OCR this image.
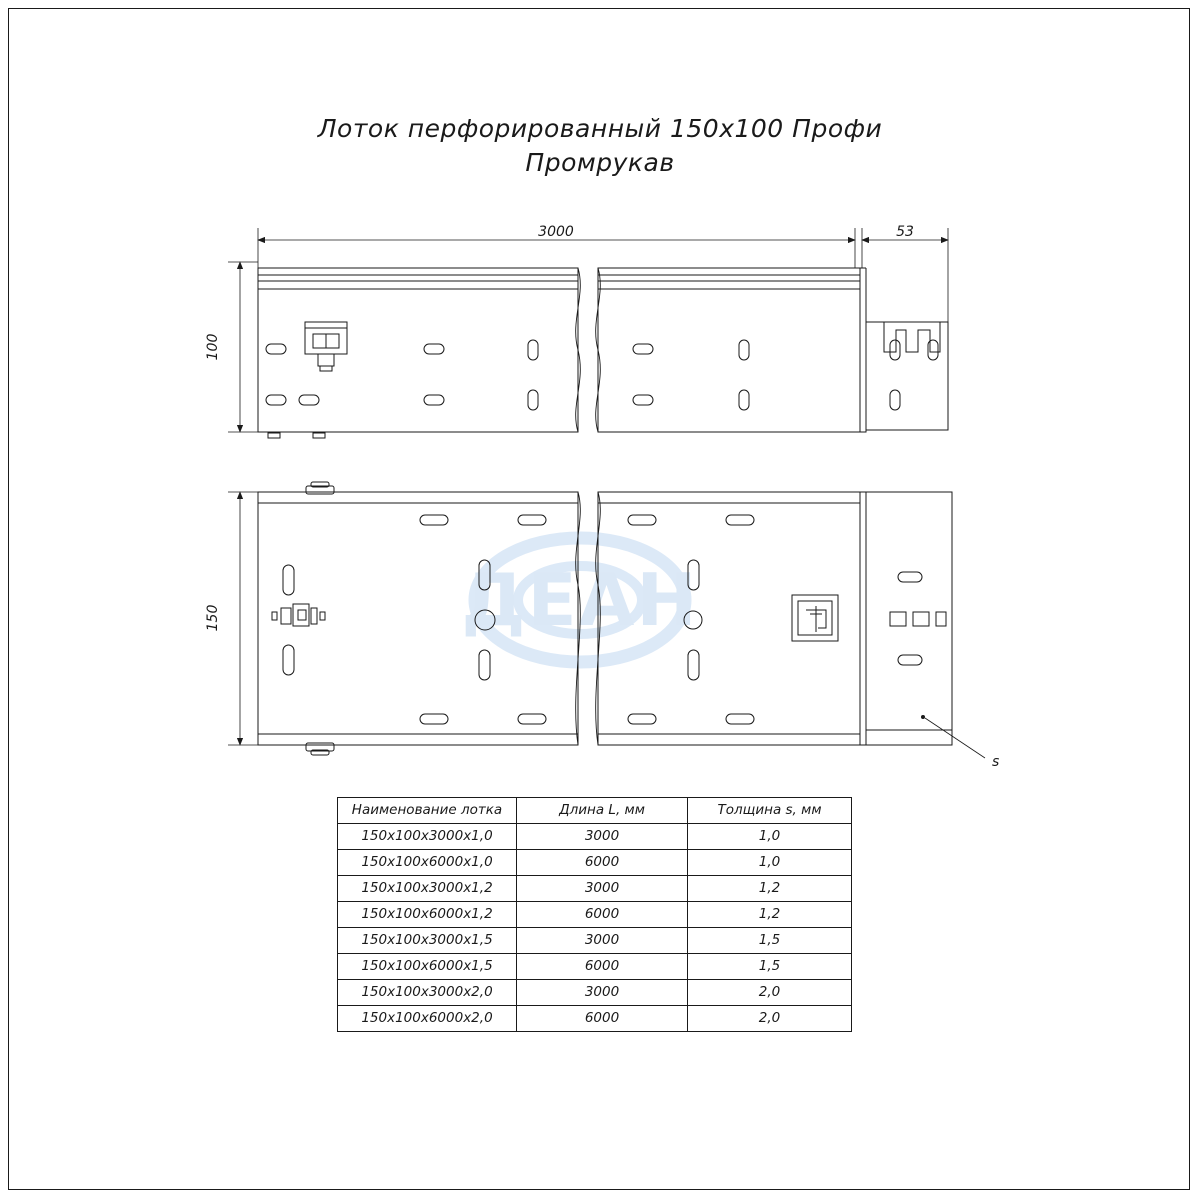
Лоток перфорированный 150x100 Профи
Промрукав
ДЕАН
3000	53
100
150
s
Наименование лотка	Длина L, мм	Толщина s, мм
150х100х3000х1,0	3000	1,0
150х100х6000х1,0	6000	1,0
150х100х3000х1,2	3000	1,2
150х100х6000х1,2	6000	1,2
150х100х3000х1,5	3000	1,5
150х100х6000х1,5	6000	1,5
150х100х3000х2,0	3000	2,0
150х100х6000х2,0	6000	2,0
